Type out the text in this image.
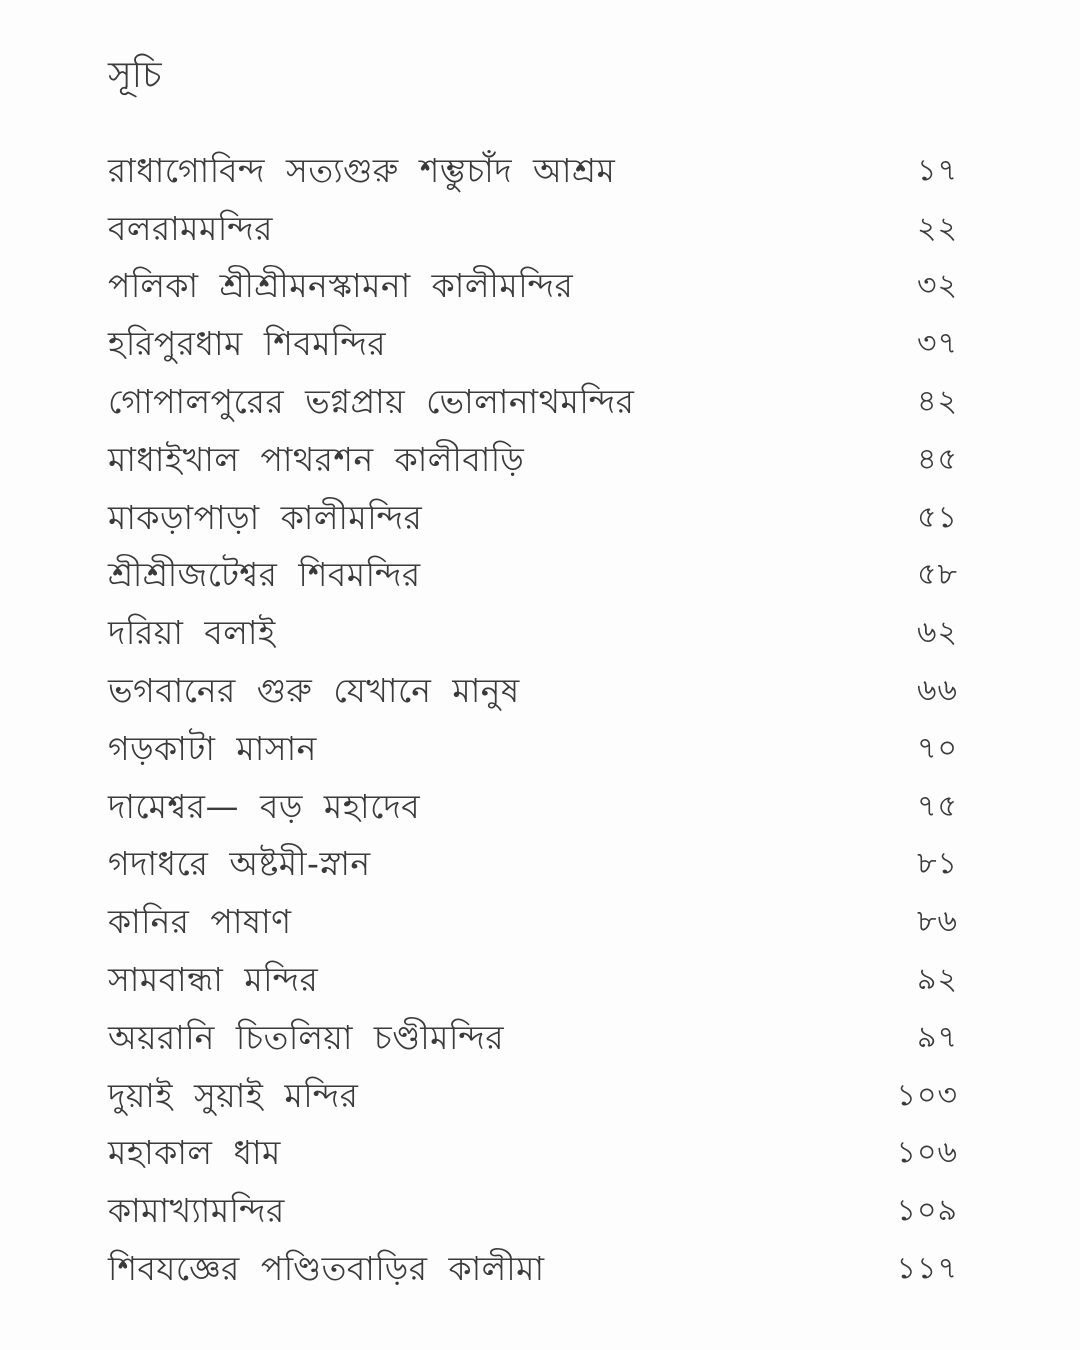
সূচি
রাধাগোবিন্দ সত্যগুরু শম্ভুচাঁদ আশ্রম	১৭
বলরামমন্দির	২২
পলিকা শ্রীশ্রীমনস্কামনা কালীমন্দির	৩২
হরিপুরধাম শিবমন্দির	৩৭
গোপালপুরের ভগ্নপ্রায় ভোলানাথমন্দির	৪২
মাধাইখাল পাথরশন কালীবাড়ি	৪৫
মাকড়াপাড়া কালীমন্দির	৫১
শ্রীশ্রীজটেশ্বর শিবমন্দির	৫৮
দরিয়া বলাই	৬২
ভগবানের গুরু যেখানে মানুষ	৬৬
গড়কাটা মাসান	৭০
দামেশ্বর— বড় মহাদেব	৭৫
গদাধরে অষ্টমী-স্নান	৮১
কানির পাষাণ	৮৬
সামবান্ধা মন্দির	৯২
অয়রানি চিতলিয়া চণ্ডীমন্দির	৯৭
দুয়াই সুয়াই মন্দির	১০৩
মহাকাল ধাম	১০৬
কামাখ্যামন্দির	১০৯
শিবযজ্ঞের পণ্ডিতবাড়ির কালীমা	১১৭
